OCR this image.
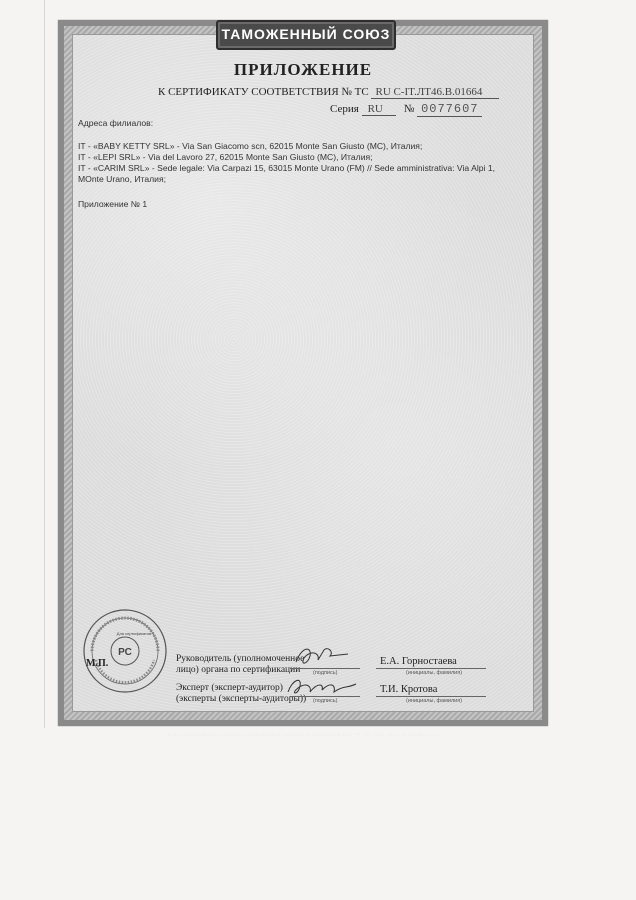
ТАМОЖЕННЫЙ СОЮЗ
ПРИЛОЖЕНИЕ
К СЕРТИФИКАТУ СООТВЕТСТВИЯ № ТС RU C-IT.ЛТ46.B.01664
Серия RU № 0077607

Адреса филиалов:

IT - «BABY KETTY SRL» - Via San Giacomo scn, 62015 Monte San Giusto (MC), Италия;

IT - «LEPI SRL» - Via del Lavoro 27, 62015 Monte San Giusto (MC), Италия;

IT - «CARIM SRL» - Sede legale: Via Carpazi 15, 63015 Monte Urano (FM) // Sede amministrativa: Via Alpi 1,

MOnte Urano, Италия;

Приложение № 1

РС
Для сертификатов
М.П.	Руководитель (уполномоченное
лицо) органа по сертификации	(подпись)
Е.А. Горностаева
(инициалы, фамилия)
Эксперт (эксперт-аудитор)
(эксперты (эксперты-аудиторы)) (подпись)
Т.И. Кротова
(инициалы, фамилия)
Бланк изготовлен ЗАО «ОПЦИОН» (www.opcion.ru) лицензия № 05-05-09/003 ФНС РФ, тел. (495) 726 4742, Москва, 2013
